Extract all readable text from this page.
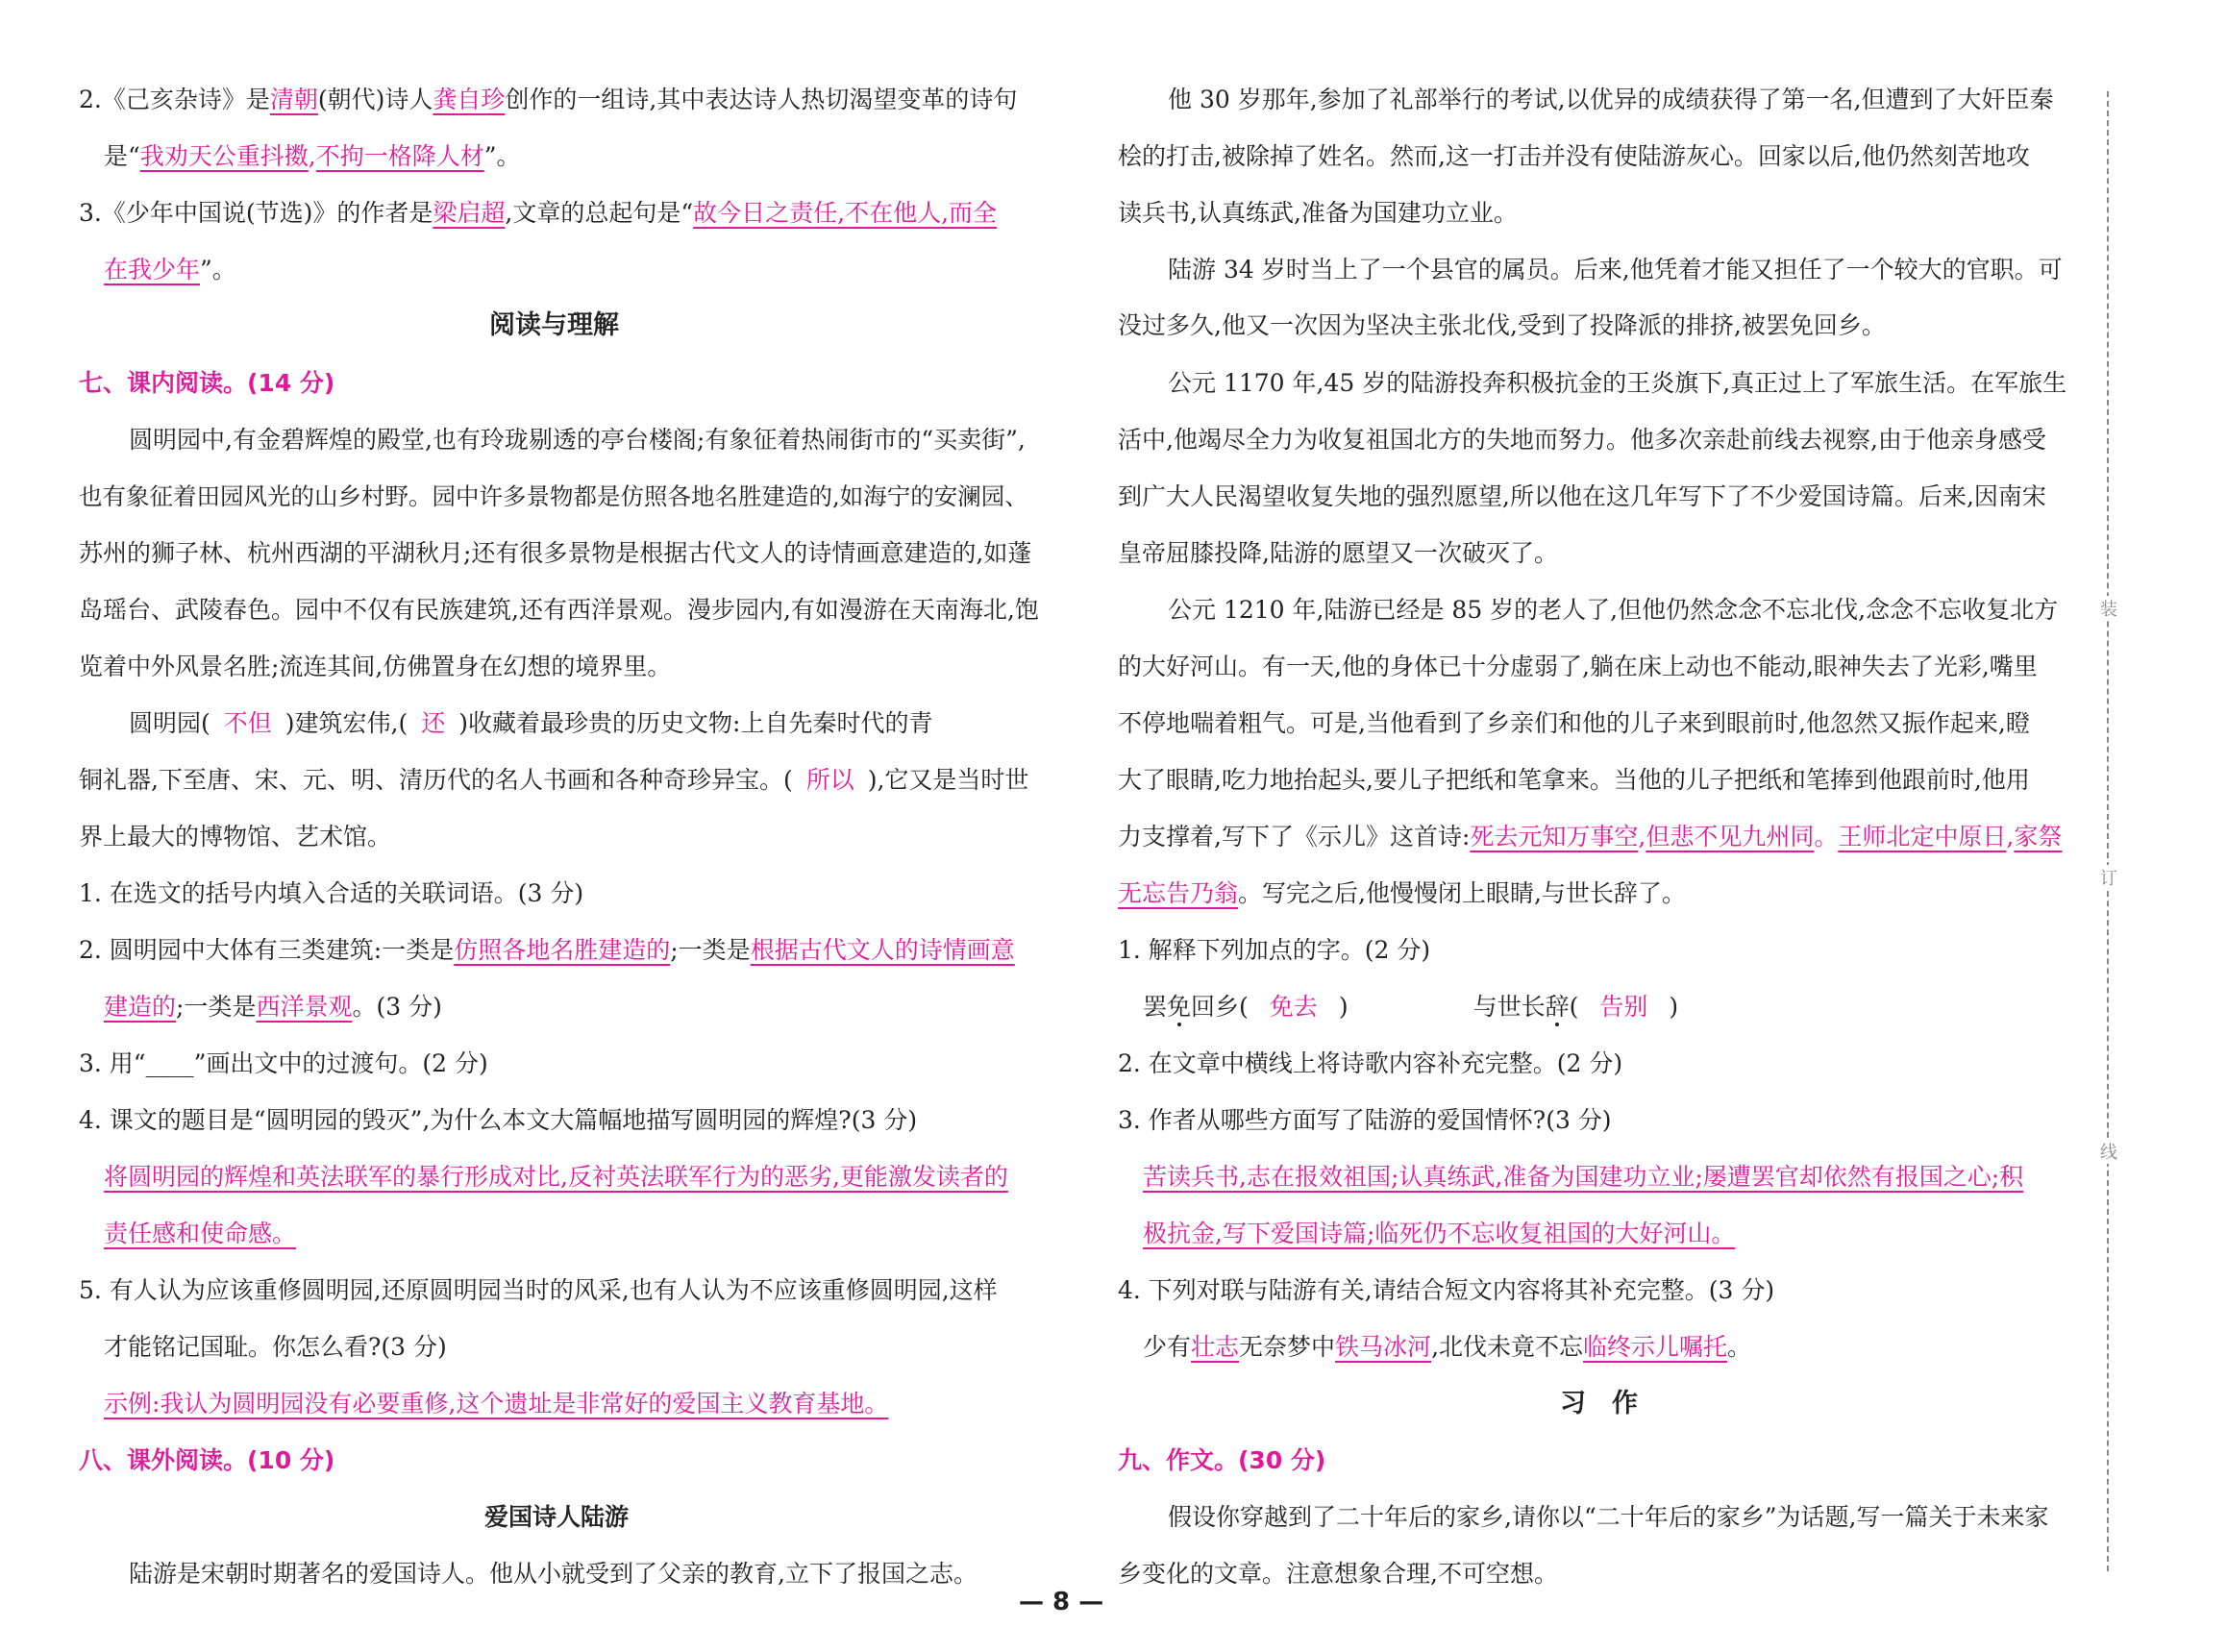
2.《己亥杂诗》是清朝(朝代)诗人龚自珍创作的一组诗,其中表达诗人热切渴望变革的诗句
是“我劝天公重抖擞,不拘一格降人材”。
3.《少年中国说(节选)》的作者是梁启超,文章的总起句是“故今日之责任,不在他人,而全
在我少年”。
阅读与理解
七、课内阅读。(14 分)
圆明园中,有金碧辉煌的殿堂,也有玲珑剔透的亭台楼阁;有象征着热闹街市的“买卖街”,
也有象征着田园风光的山乡村野。园中许多景物都是仿照各地名胜建造的,如海宁的安澜园、
苏州的狮子林、杭州西湖的平湖秋月;还有很多景物是根据古代文人的诗情画意建造的,如蓬
岛瑶台、武陵春色。园中不仅有民族建筑,还有西洋景观。漫步园内,有如漫游在天南海北,饱
览着中外风景名胜;流连其间,仿佛置身在幻想的境界里。
圆明园( 不但 )建筑宏伟,( 还 )收藏着最珍贵的历史文物:上自先秦时代的青
铜礼器,下至唐、宋、元、明、清历代的名人书画和各种奇珍异宝。( 所以 ),它又是当时世
界上最大的博物馆、艺术馆。
1. 在选文的括号内填入合适的关联词语。(3 分)
2. 圆明园中大体有三类建筑:一类是仿照各地名胜建造的;一类是根据古代文人的诗情画意
建造的;一类是西洋景观。(3 分)
3. 用“____”画出文中的过渡句。(2 分)
4. 课文的题目是“圆明园的毁灭”,为什么本文大篇幅地描写圆明园的辉煌?(3 分)
将圆明园的辉煌和英法联军的暴行形成对比,反衬英法联军行为的恶劣,更能激发读者的
责任感和使命感。
5. 有人认为应该重修圆明园,还原圆明园当时的风采,也有人认为不应该重修圆明园,这样
才能铭记国耻。你怎么看?(3 分)
示例:我认为圆明园没有必要重修,这个遗址是非常好的爱国主义教育基地。
八、课外阅读。(10 分)
爱国诗人陆游
陆游是宋朝时期著名的爱国诗人。他从小就受到了父亲的教育,立下了报国之志。
他 30 岁那年,参加了礼部举行的考试,以优异的成绩获得了第一名,但遭到了大奸臣秦
桧的打击,被除掉了姓名。然而,这一打击并没有使陆游灰心。回家以后,他仍然刻苦地攻
读兵书,认真练武,准备为国建功立业。
陆游 34 岁时当上了一个县官的属员。后来,他凭着才能又担任了一个较大的官职。可
没过多久,他又一次因为坚决主张北伐,受到了投降派的排挤,被罢免回乡。
公元 1170 年,45 岁的陆游投奔积极抗金的王炎旗下,真正过上了军旅生活。在军旅生
活中,他竭尽全力为收复祖国北方的失地而努力。他多次亲赴前线去视察,由于他亲身感受
到广大人民渴望收复失地的强烈愿望,所以他在这几年写下了不少爱国诗篇。后来,因南宋
皇帝屈膝投降,陆游的愿望又一次破灭了。
公元 1210 年,陆游已经是 85 岁的老人了,但他仍然念念不忘北伐,念念不忘收复北方
的大好河山。有一天,他的身体已十分虚弱了,躺在床上动也不能动,眼神失去了光彩,嘴里
不停地喘着粗气。可是,当他看到了乡亲们和他的儿子来到眼前时,他忽然又振作起来,瞪
大了眼睛,吃力地抬起头,要儿子把纸和笔拿来。当他的儿子把纸和笔捧到他跟前时,他用
力支撑着,写下了《示儿》这首诗:死去元知万事空,但悲不见九州同。王师北定中原日,家祭
无忘告乃翁。写完之后,他慢慢闭上眼睛,与世长辞了。
1. 解释下列加点的字。(2 分)
罢免回乡( 免去 )	与世长辞( 告别 )
2. 在文章中横线上将诗歌内容补充完整。(2 分)
3. 作者从哪些方面写了陆游的爱国情怀?(3 分)
苦读兵书,志在报效祖国;认真练武,准备为国建功立业;屡遭罢官却依然有报国之心;积
极抗金,写下爱国诗篇;临死仍不忘收复祖国的大好河山。
4. 下列对联与陆游有关,请结合短文内容将其补充完整。(3 分)
少有壮志无奈梦中铁马冰河,北伐未竟不忘临终示儿嘱托。
习　作
九、作文。(30 分)
假设你穿越到了二十年后的家乡,请你以“二十年后的家乡”为话题,写一篇关于未来家
乡变化的文章。注意想象合理,不可空想。
装
订
线
— 8 —
